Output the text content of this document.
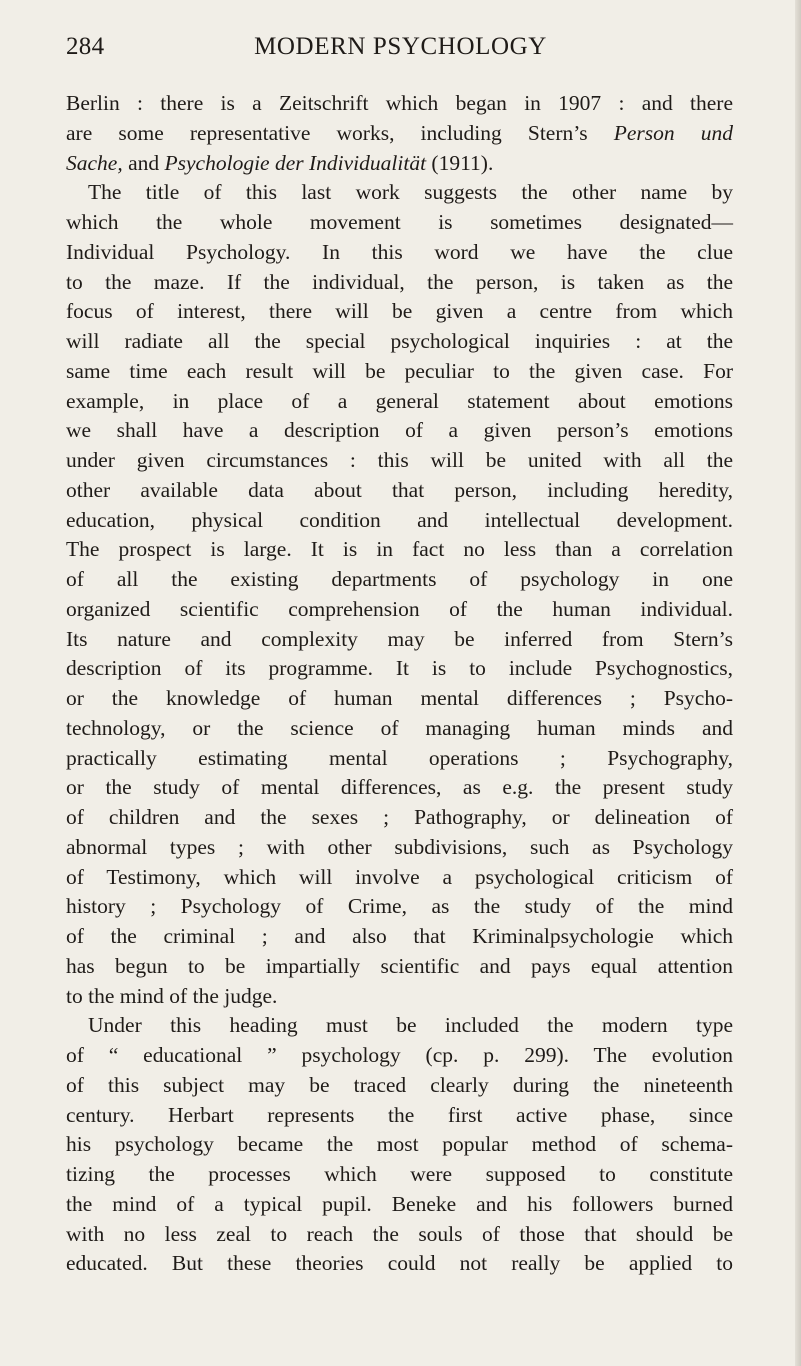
284	MODERN PSYCHOLOGY
Berlin : there is a Zeitschrift which began in 1907 : and there
are some representative works, including Stern’s Person und
Sache, and Psychologie der Individualität (1911).
The title of this last work suggests the other name by
which the whole movement is sometimes designated—
Individual Psychology. In this word we have the clue
to the maze. If the individual, the person, is taken as the
focus of interest, there will be given a centre from which
will radiate all the special psychological inquiries : at the
same time each result will be peculiar to the given case. For
example, in place of a general statement about emotions
we shall have a description of a given person’s emotions
under given circumstances : this will be united with all the
other available data about that person, including heredity,
education, physical condition and intellectual development.
The prospect is large. It is in fact no less than a correlation
of all the existing departments of psychology in one
organized scientific comprehension of the human individual.
Its nature and complexity may be inferred from Stern’s
description of its programme. It is to include Psychognostics,
or the knowledge of human mental differences ; Psycho-
technology, or the science of managing human minds and
practically estimating mental operations ; Psychography,
or the study of mental differences, as e.g. the present study
of children and the sexes ; Pathography, or delineation of
abnormal types ; with other subdivisions, such as Psychology
of Testimony, which will involve a psychological criticism of
history ; Psychology of Crime, as the study of the mind
of the criminal ; and also that Kriminalpsychologie which
has begun to be impartially scientific and pays equal attention
to the mind of the judge.
Under this heading must be included the modern type
of “ educational ” psychology (cp. p. 299). The evolution
of this subject may be traced clearly during the nineteenth
century. Herbart represents the first active phase, since
his psychology became the most popular method of schema-
tizing the processes which were supposed to constitute
the mind of a typical pupil. Beneke and his followers burned
with no less zeal to reach the souls of those that should be
educated. But these theories could not really be applied to
